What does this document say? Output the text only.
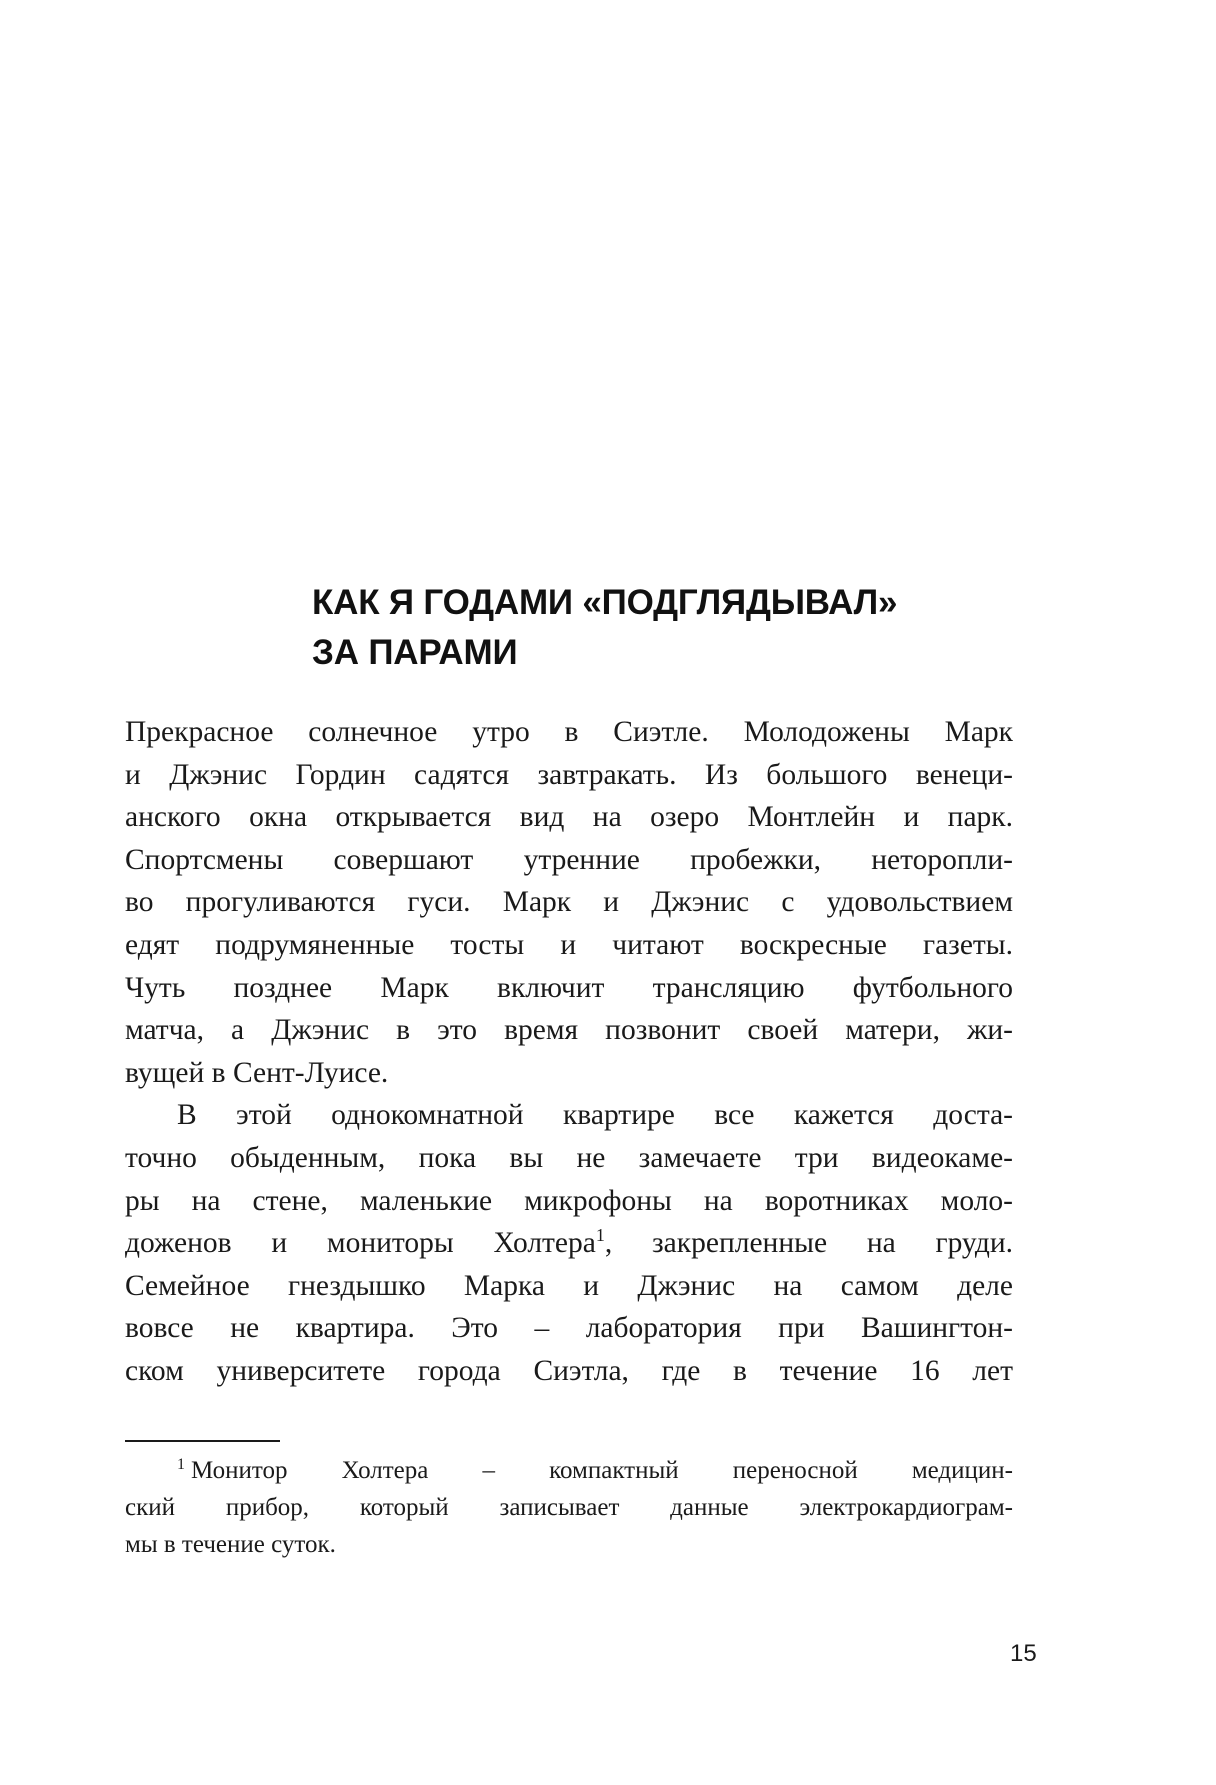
КАК Я ГОДАМИ «ПОДГЛЯДЫВАЛ»
ЗА ПАРАМИ
Прекрасное солнечное утро в Сиэтле. Молодожены Марк
и Джэнис Гордин садятся завтракать. Из большого венеци-
анского окна открывается вид на озеро Монтлейн и парк.
Спортсмены совершают утренние пробежки, неторопли-
во прогуливаются гуси. Марк и Джэнис с удовольствием
едят подрумяненные тосты и читают воскресные газеты.
Чуть позднее Марк включит трансляцию футбольного
матча, а Джэнис в это время позвонит своей матери, жи-
вущей в Сент-Луисе.
В этой однокомнатной квартире все кажется доста-
точно обыденным, пока вы не замечаете три видеокаме-
ры на стене, маленькие микрофоны на воротниках моло-
доженов и мониторы Холтера$^1$, закрепленные на груди.
Семейное гнездышко Марка и Джэнис на самом деле
вовсе не квартира. Это – лаборатория при Вашингтон-
ском университете города Сиэтла, где в течение 16 лет
$^1$ Монитор Холтера – компактный переносной медицин-
ский прибор, который записывает данные электрокардиограм-
мы в течение суток.
15
